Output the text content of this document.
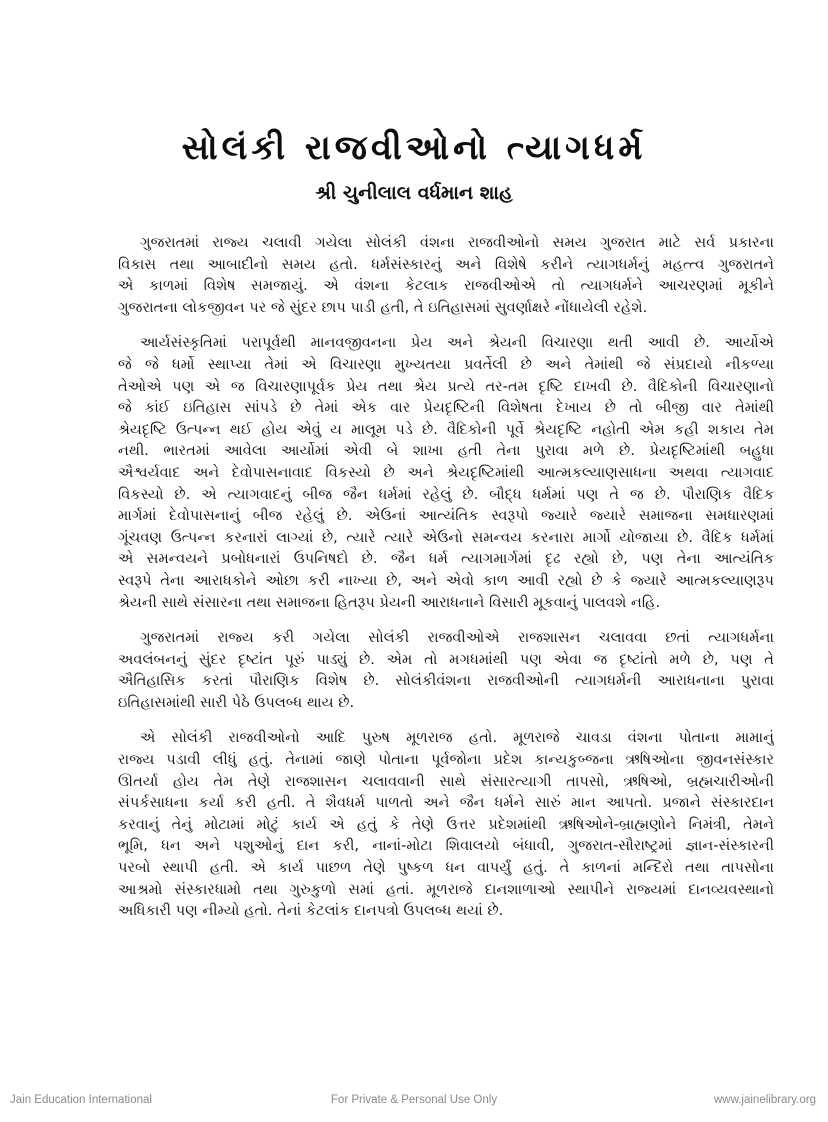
સોલંકી રાજવીઓનો ત્યાગધર્મ
શ્રી ચુનીલાલ વર્ધમાન શાહ
ગુજરાતમાં રાજ્ય ચલાવી ગયેલા સોલંકી વંશના રાજવીઓનો સમય ગુજરાત માટે સર્વ પ્રકારના
વિકાસ તથા આબાદીનો સમય હતો. ધર્મસંસ્કારનું અને વિશેષે કરીને ત્યાગધર્મનું મહત્ત્વ ગુજરાતને
એ કાળમાં વિશેષ સમજાયું. એ વંશના કેટલાક રાજવીઓએ તો ત્યાગધર્મને આચરણમાં મૂકીને
ગુજરાતના લોકજીવન પર જે સુંદર છાપ પાડી હતી, તે ઇતિહાસમાં સુવર્ણાક્ષરે નોંધાયેલી રહેશે.
આર્યસંસ્કૃતિમાં પરાપૂર્વથી માનવજીવનના પ્રેય અને શ્રેયની વિચારણા થતી આવી છે. આર્યોએ
જે જે ધર્મો સ્થાપ્યા તેમાં એ વિચારણા મુખ્યતયા પ્રવર્તેલી છે અને તેમાંથી જે સંપ્રદાયો નીકળ્યા
તેઓએ પણ એ જ વિચારણાપૂર્વક પ્રેય તથા શ્રેય પ્રત્યે તર-તમ દૃષ્ટિ દાખવી છે. વૈદિકોની વિચારણાનો
જે કાંઈ ઇતિહાસ સાંપડે છે તેમાં એક વાર પ્રેયદૃષ્ટિની વિશેષતા દેખાય છે તો બીજી વાર તેમાંથી
શ્રેયદૃષ્ટિ ઉત્પન્ન થઈ હોય એવું ય માલૂમ પડે છે. વૈદિકોની પૂર્વે શ્રેયદૃષ્ટિ નહોતી એમ કહી શકાય તેમ
નથી. ભારતમાં આવેલા આર્યોમાં એવી બે શાખા હતી તેના પુરાવા મળે છે. પ્રેયદૃષ્ટિમાંથી બહુધા
ઐશ્વર્યવાદ અને દેવોપાસનાવાદ વિકસ્યો છે અને શ્રેયદૃષ્ટિમાંથી આત્મકલ્યાણસાધના અથવા ત્યાગવાદ
વિકસ્યો છે. એ ત્યાગવાદનું બીજ જૈન ધર્મમાં રહેલું છે. બૌદ્ધ ધર્મમાં પણ તે જ છે. પૌરાણિક વૈદિક
માર્ગમાં દેવોપાસનાનું બીજ રહેલું છે. એઉનાં આત્યંતિક સ્વરૂપો જ્યારે જ્યારે સમાજના સમધારણમાં
ગૂંચવણ ઉત્પન્ન કરનારાં લાગ્યાં છે, ત્યારે ત્યારે એઉનો સમન્વય કરનારા માર્ગો યોજાયા છે. વૈદિક ધર્મમાં
એ સમન્વયને પ્રબોધનારાં ઉપનિષદો છે. જૈન ધર્મ ત્યાગમાર્ગમાં દૃઢ રહ્યો છે, પણ તેના આત્યંતિક
સ્વરૂપે તેના આરાધકોને ઓછા કરી નાખ્યા છે, અને એવો કાળ આવી રહ્યો છે કે જ્યારે આત્મકલ્યાણરૂપ
શ્રેયની સાથે સંસારના તથા સમાજના હિતરૂપ પ્રેયની આરાધનાને વિસારી મૂકવાનું પાલવશે નહિ.
ગુજરાતમાં રાજ્ય કરી ગયેલા સોલંકી રાજવીઓએ રાજશાસન ચલાવવા છતાં ત્યાગધર્મના
અવલંબનનું સુંદર દૃષ્ટાંત પૂરું પાડ્યું છે. એમ તો મગધમાંથી પણ એવા જ દૃષ્ટાંતો મળે છે, પણ તે
ઐતિહાસિક કરતાં પૌરાણિક વિશેષ છે. સોલંકીવંશના રાજવીઓની ત્યાગધર્મની આરાધનાના પુરાવા
ઇતિહાસમાંથી સારી પેઠે ઉપલબ્ધ થાય છે.
એ સોલંકી રાજવીઓનો આદિ પુરુષ મૂળરાજ હતો. મૂળરાજે ચાવડા વંશના પોતાના મામાનું
રાજ્ય પડાવી લીધું હતું. તેનામાં જાણે પોતાના પૂર્વજોના પ્રદેશ કાન્યકુબ્જના ઋષિઓના જીવનસંસ્કાર
ઊતર્યા હોય તેમ તેણે રાજશાસન ચલાવવાની સાથે સંસારત્યાગી તાપસો, ઋષિઓ, બ્રહ્મચારીઓની
સંપર્કસાધના કર્યા કરી હતી. તે શૈવધર્મ પાળતો અને જૈન ધર્મને સારું માન આપતો. પ્રજાને સંસ્કારદાન
કરવાનું તેનું મોટામાં મોટું કાર્ય એ હતું કે તેણે ઉત્તર પ્રદેશમાંથી ઋષિઓને-બ્રાહ્મણોને નિમંત્રી, તેમને
ભૂમિ, ધન અને પશુઓનું દાન કરી, નાનાં-મોટા શિવાલયો બંધાવી, ગુજરાત-સૌરાષ્ટ્રમાં જ્ઞાન-સંસ્કારની
પરબો સ્થાપી હતી. એ કાર્ય પાછળ તેણે પુષ્કળ ધન વાપર્યું હતું. તે કાળનાં મન્દિરો તથા તાપસોના
આશ્રમો સંસ્કારધામો તથા ગુરુકુળો સમાં હતાં. મૂળરાજે દાનશાળાઓ સ્થાપીને રાજ્યમાં દાનવ્યવસ્થાનો
અધિકારી પણ નીમ્યો હતો. તેનાં કેટલાંક દાનપત્રો ઉપલબ્ધ થયાં છે.
For Private & Personal Use Only
Jain Education International	www.jainelibrary.org
